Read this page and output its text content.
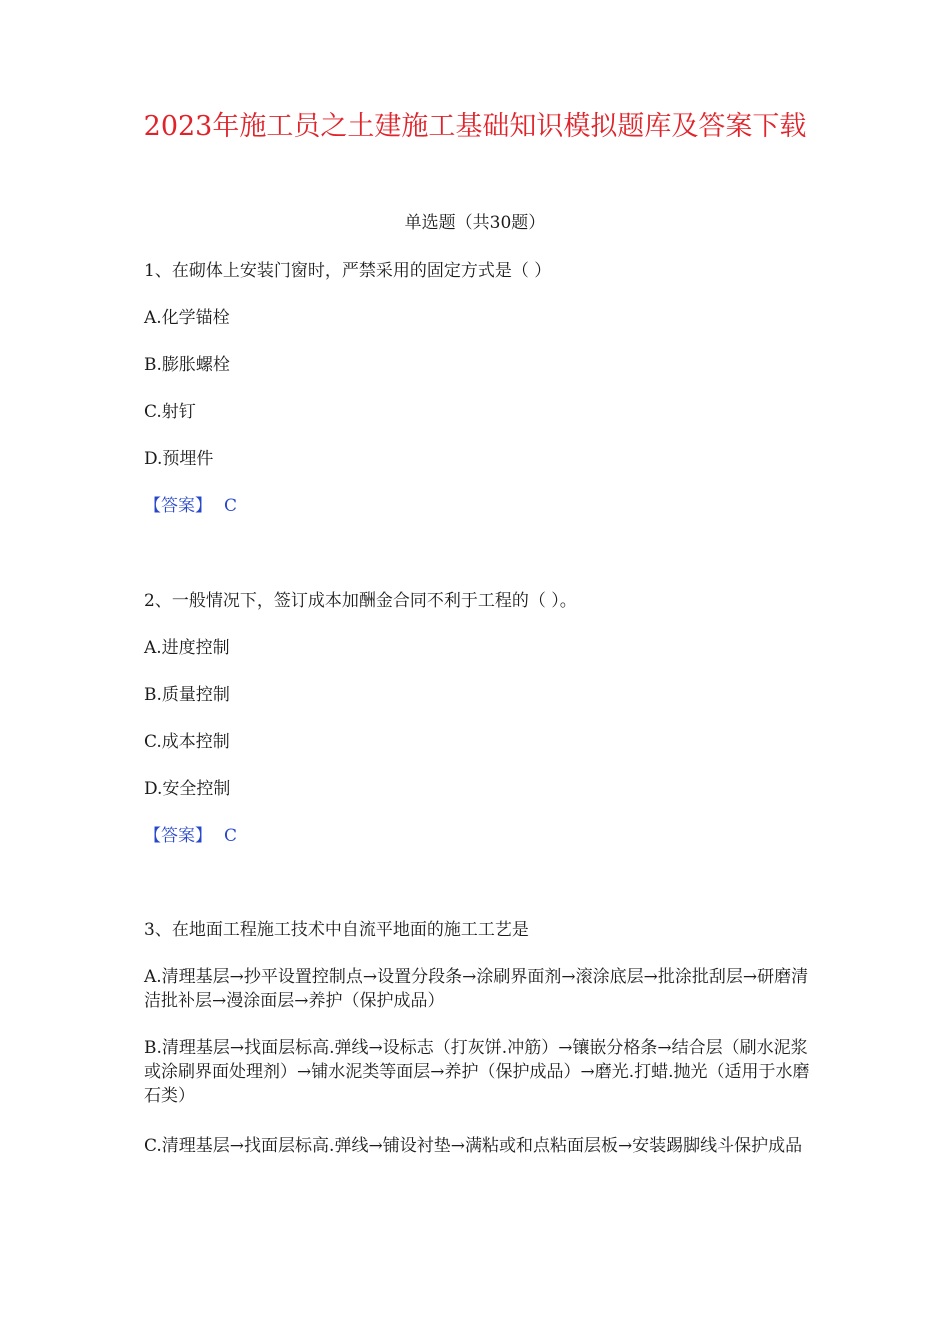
2023年施工员之土建施工基础知识模拟题库及答案下载
单选题（共30题）
1、在砌体上安装门窗时，严禁采用的固定方式是（ ）
A.化学锚栓
B.膨胀螺栓
C.射钉
D.预埋件
【答案】 C
2、一般情况下，签订成本加酬金合同不利于工程的（ ）。
A.进度控制
B.质量控制
C.成本控制
D.安全控制
【答案】 C
3、在地面工程施工技术中自流平地面的施工工艺是
A.清理基层→抄平设置控制点→设置分段条→涂刷界面剂→滚涂底层→批涂批刮层→研磨清洁批补层→漫涂面层→养护（保护成品）
B.清理基层→找面层标高.弹线→设标志（打灰饼.冲筋）→镶嵌分格条→结合层（刷水泥浆或涂刷界面处理剂）→铺水泥类等面层→养护（保护成品）→磨光.打蜡.抛光（适用于水磨石类）
C.清理基层→找面层标高.弹线→铺设衬垫→满粘或和点粘面层板→安装踢脚线斗保护成品
